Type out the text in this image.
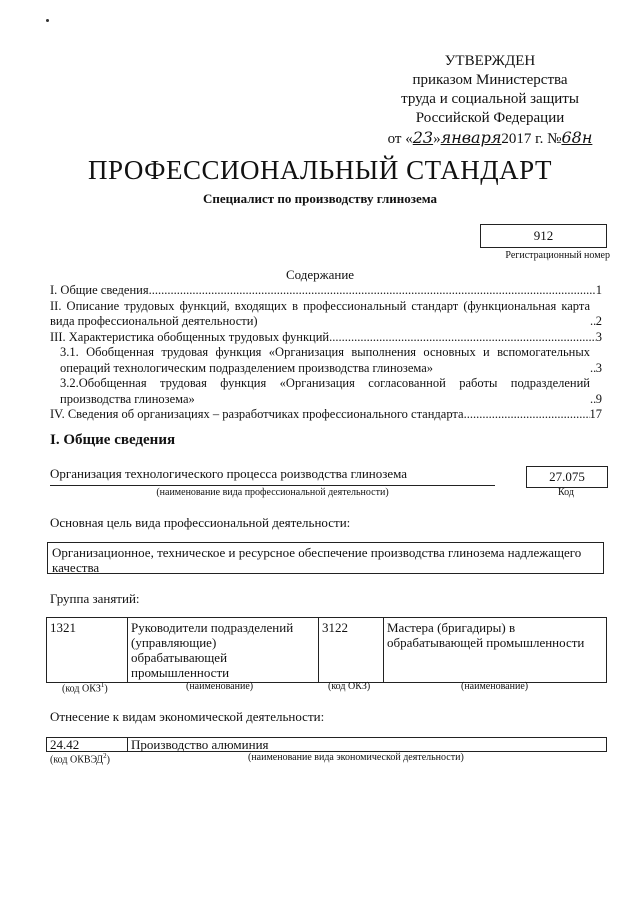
УТВЕРЖДЕН
приказом Министерства
труда и социальной защиты
Российской Федерации
от «23»января2017 г. №68н
ПРОФЕССИОНАЛЬНЫЙ СТАНДАРТ
Специалист по производству глинозема
912
Регистрационный номер
Содержание
I. Общие сведения .....	1
II. Описание трудовых функций, входящих в профессиональный стандарт (функциональная карта вида профессиональной деятельности) .....	2
III. Характеристика обобщенных трудовых функций .....	3
3.1. Обобщенная трудовая функция «Организация выполнения основных и вспомогательных операций технологическим подразделением производства глинозема» .....	3
3.2.Обобщенная трудовая функция «Организация согласованной работы подразделений производства глинозема» .....	9
IV. Сведения об организациях – разработчиках профессионального стандарта .....	17
I. Общие сведения
Организация технологического процесса роизводства глинозема
(наименование вида профессиональной деятельности)
27.075
Код
Основная цель вида профессиональной деятельности:
Организационное, техническое и ресурсное обеспечение производства глинозема надлежащего качества
Группа занятий:
1321	Руководители подразделений (управляющие) обрабатывающей промышленности	3122	Мастера (бригадиры) в обрабатывающей промышленности
(код ОКЗ$^1$)	(наименование)	(код ОКЗ)	(наименование)
Отнесение к видам экономической деятельности:
24.42	Производство алюминия
(код ОКВЭД$^2$)	(наименование вида экономической деятельности)
